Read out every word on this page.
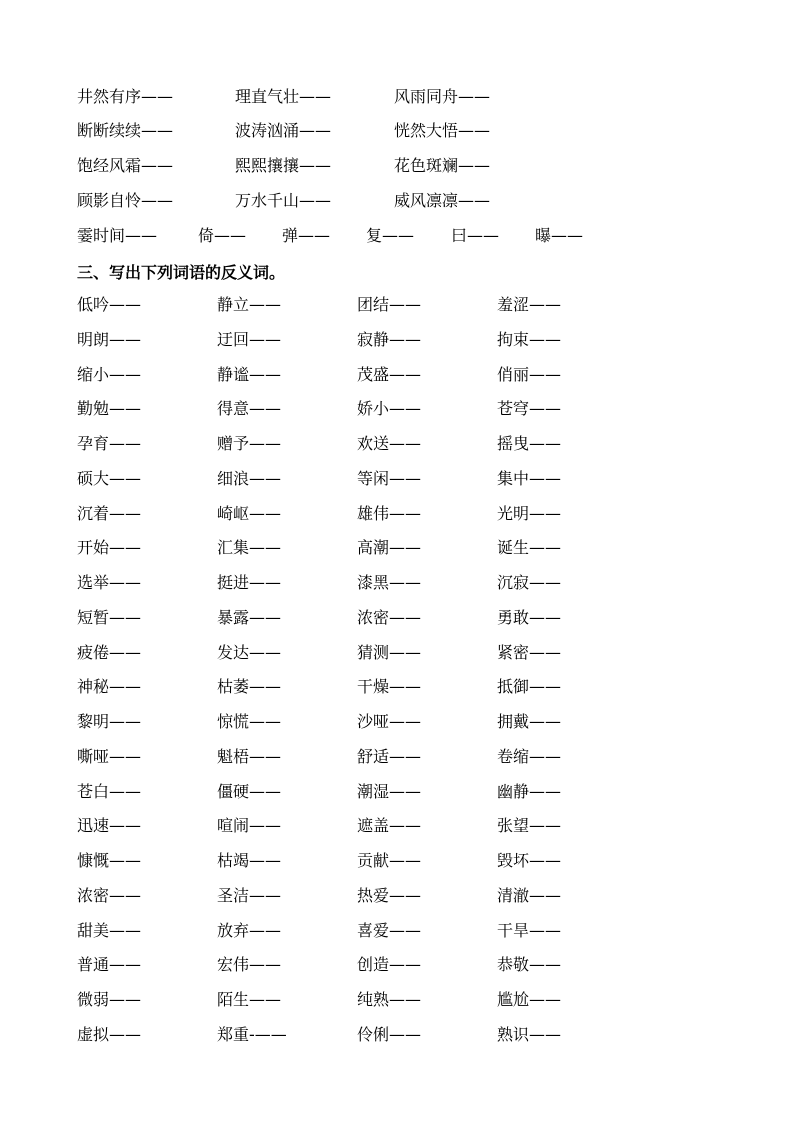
井然有序——	理直气壮——	风雨同舟——
断断续续——	波涛汹涌——	恍然大悟——
饱经风霜——	熙熙攘攘——	花色斑斓——
顾影自怜——	万水千山——	威风凛凛——
霎时间——	倚—— 弹—— 复—— 曰—— 曝——
三、写出下列词语的反义词。
低吟——	静立——	团结——	羞涩——
明朗——	迂回——	寂静——	拘束——
缩小——	静谧——	茂盛——	俏丽——
勤勉——	得意——	娇小——	苍穹——
孕育——	赠予——	欢送——	摇曳——
硕大——	细浪——	等闲——	集中——
沉着——	崎岖——	雄伟——	光明——
开始——	汇集——	高潮——	诞生——
选举——	挺进——	漆黑——	沉寂——
短暂——	暴露——	浓密——	勇敢——
疲倦——	发达——	猜测——	紧密——
神秘——	枯萎——	干燥——	抵御——
黎明——	惊慌——	沙哑——	拥戴——
嘶哑——	魁梧——	舒适——	卷缩——
苍白——	僵硬——	潮湿——	幽静——
迅速——	喧闹——	遮盖——	张望——
慷慨——	枯竭——	贡献——	毁坏——
浓密——	圣洁——	热爱——	清澈——
甜美——	放弃——	喜爱——	干旱——
普通——	宏伟——	创造——	恭敬——
微弱——	陌生——	纯熟——	尴尬——
虚拟——	郑重-——	伶俐——	熟识——
